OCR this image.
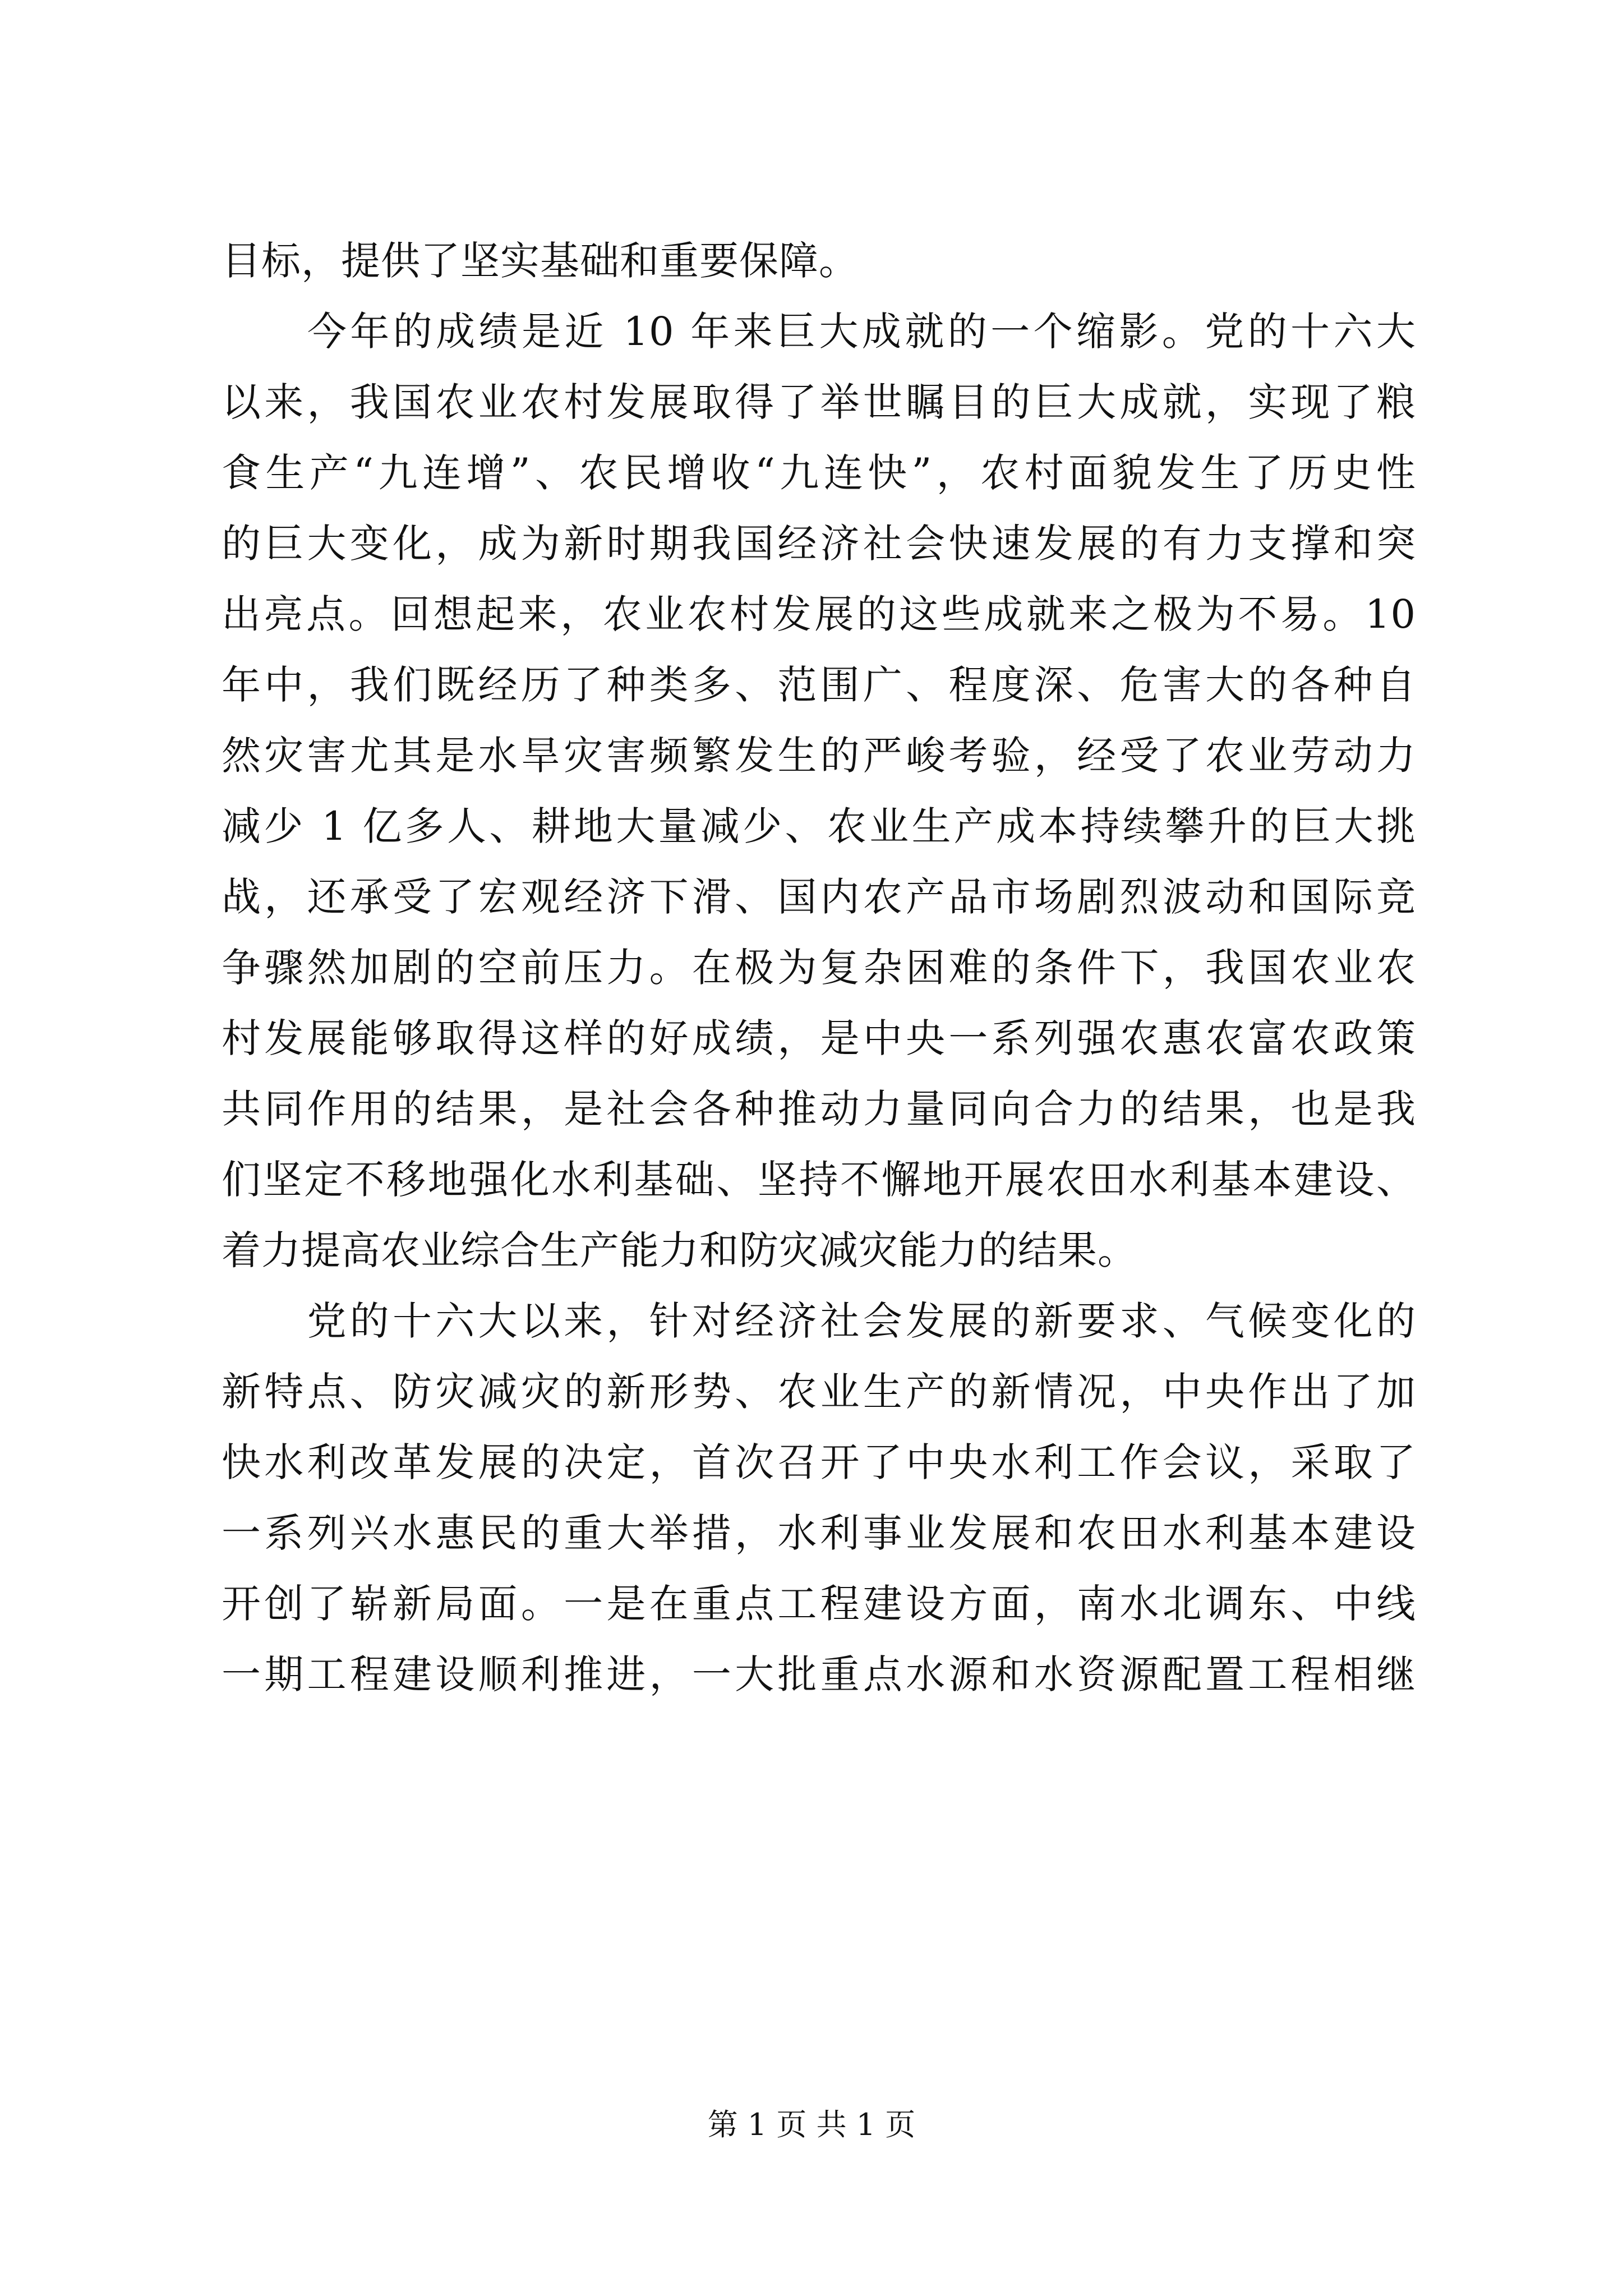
目标，提供了坚实基础和重要保障。
　　今年的成绩是近 10 年来巨大成就的一个缩影。党的十六大
以来，我国农业农村发展取得了举世瞩目的巨大成就，实现了粮
食生产“九连增”、农民增收“九连快”，农村面貌发生了历史性
的巨大变化，成为新时期我国经济社会快速发展的有力支撑和突
出亮点。回想起来，农业农村发展的这些成就来之极为不易。10
年中，我们既经历了种类多、范围广、程度深、危害大的各种自
然灾害尤其是水旱灾害频繁发生的严峻考验，经受了农业劳动力
减少 1 亿多人、耕地大量减少、农业生产成本持续攀升的巨大挑
战，还承受了宏观经济下滑、国内农产品市场剧烈波动和国际竞
争骤然加剧的空前压力。在极为复杂困难的条件下，我国农业农
村发展能够取得这样的好成绩，是中央一系列强农惠农富农政策
共同作用的结果，是社会各种推动力量同向合力的结果，也是我
们坚定不移地强化水利基础、坚持不懈地开展农田水利基本建设、
着力提高农业综合生产能力和防灾减灾能力的结果。
　　党的十六大以来，针对经济社会发展的新要求、气候变化的
新特点、防灾减灾的新形势、农业生产的新情况，中央作出了加
快水利改革发展的决定，首次召开了中央水利工作会议，采取了
一系列兴水惠民的重大举措，水利事业发展和农田水利基本建设
开创了崭新局面。一是在重点工程建设方面，南水北调东、中线
一期工程建设顺利推进，一大批重点水源和水资源配置工程相继
第 1 页 共 1 页
